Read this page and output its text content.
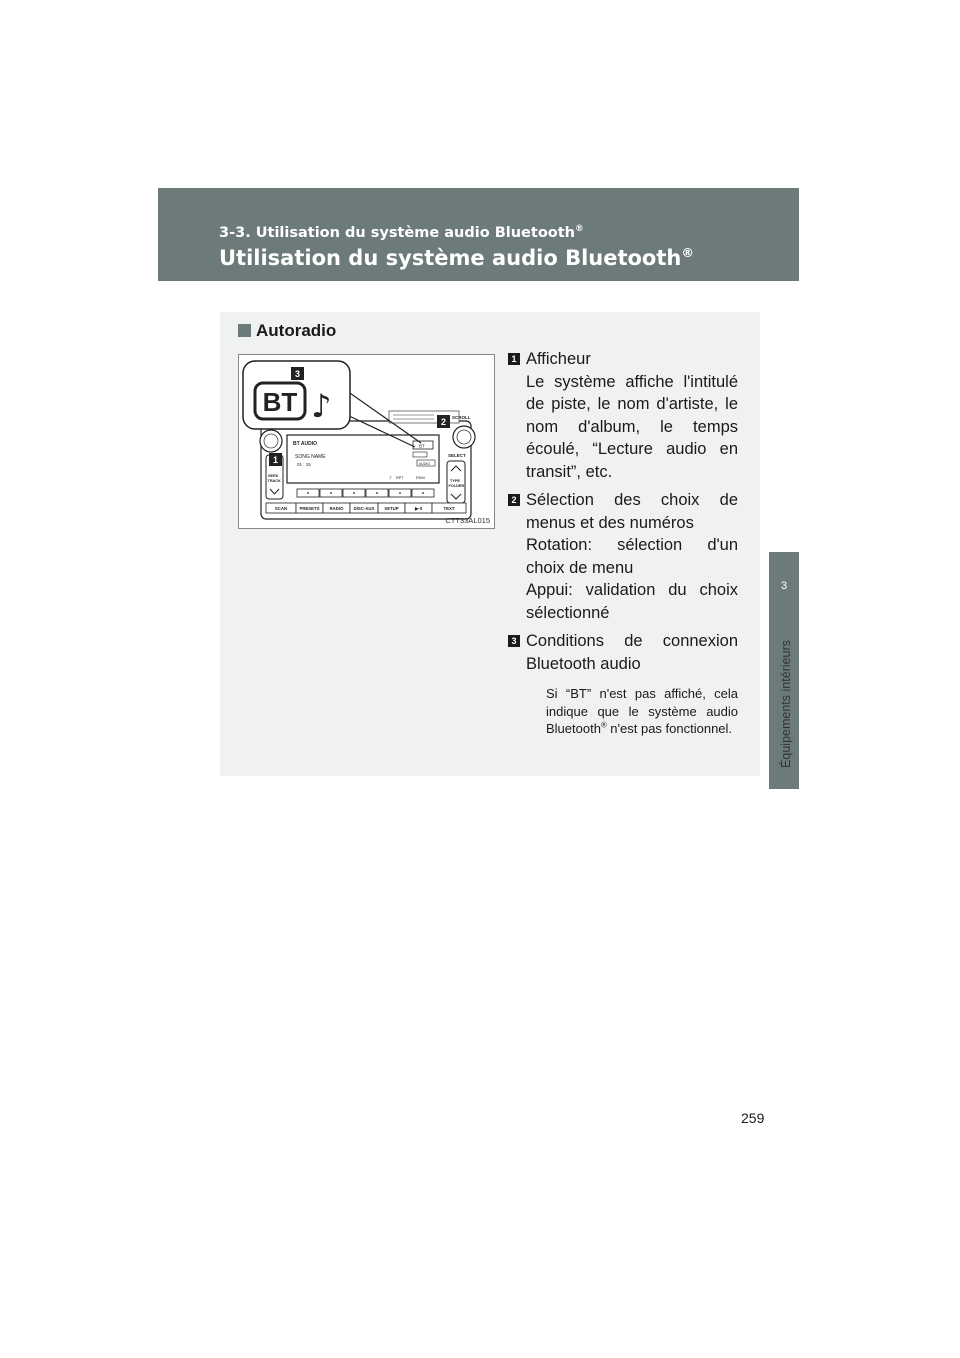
3-3. Utilisation du système audio Bluetooth®
Utilisation du système audio Bluetooth®
3
Équipements intérieurs
Autoradio
SCROLL
SELECT
BT AUDIO
SONG NAME
01 : 15
BT
AUDIO
♪ RPT	RDM
SEEK
TRACK	TYPE
FOLDER
SCAN	PRESETS RADIO DISC·AUX SETUP	▶·II	TEXT
BT ♪
3
2
1
CTT33AL015
1 Afficheur
Le système affiche l'intitulé de piste, le nom d'artiste, le nom d'album, le temps écoulé, “Lecture audio en transit”, etc.
2 Sélection des choix de menus et des numéros
Rotation: sélection d'un choix de menu
Appui: validation du choix sélectionné
3 Conditions de connexion Bluetooth audio
Si “BT” n'est pas affiché, cela indique que le système audio Bluetooth® n'est pas fonctionnel.
259
